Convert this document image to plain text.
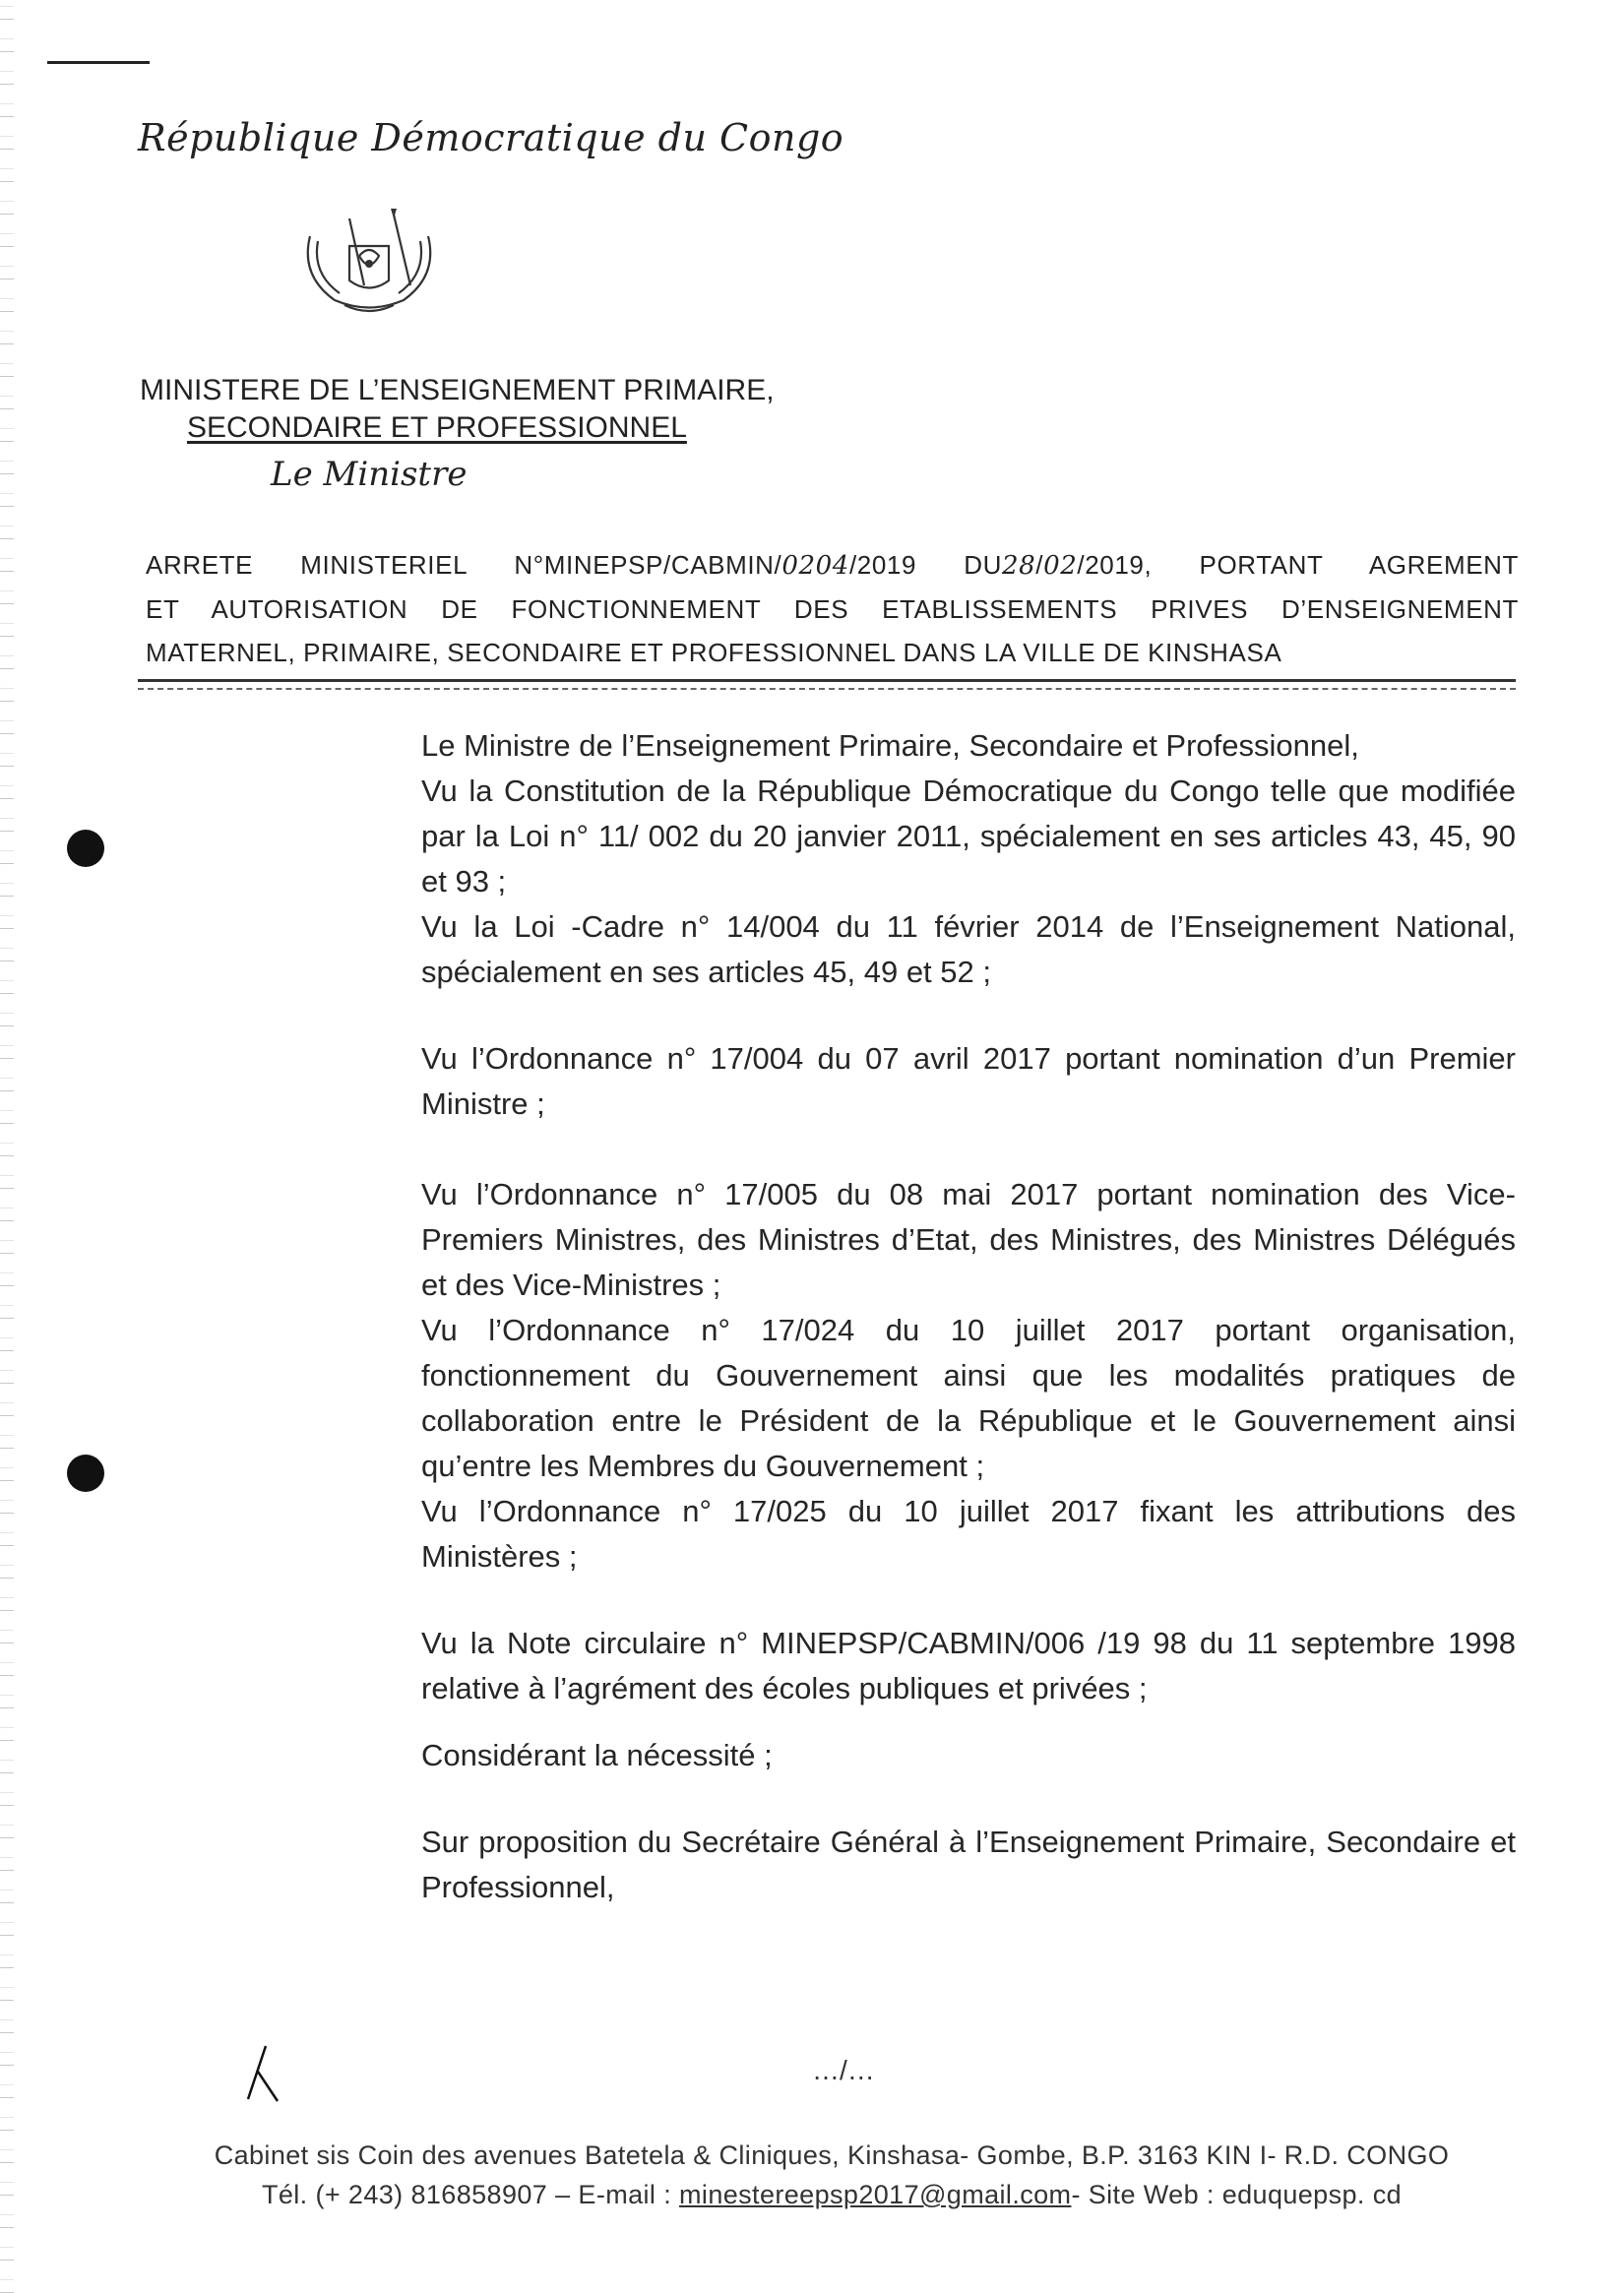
République Démocratique du Congo
MINISTERE DE L’ENSEIGNEMENT PRIMAIRE,
SECONDAIRE ET PROFESSIONNEL
Le Ministre
ARRETE MINISTERIEL N°MINEPSP/CABMIN/0204/2019 DU28/02/2019, PORTANT AGREMENT
ET AUTORISATION DE FONCTIONNEMENT DES ETABLISSEMENTS PRIVES D’ENSEIGNEMENT
MATERNEL, PRIMAIRE, SECONDAIRE ET PROFESSIONNEL DANS LA VILLE DE KINSHASA

Le Ministre de l’Enseignement Primaire, Secondaire et Professionnel,

Vu la Constitution de la République Démocratique du Congo telle que modifiée par la Loi n° 11/ 002 du 20 janvier 2011, spécialement en ses articles 43, 45, 90 et 93 ;

Vu la Loi -Cadre n° 14/004 du 11 février 2014 de l’Enseignement National, spécialement en ses articles 45, 49 et 52 ;

Vu l’Ordonnance n° 17/004 du 07 avril 2017 portant nomination d’un Premier Ministre ;

Vu l’Ordonnance n° 17/005 du 08 mai 2017 portant nomination des Vice-Premiers Ministres, des Ministres d’Etat, des Ministres, des Ministres Délégués et des Vice-Ministres ;

Vu l’Ordonnance n° 17/024 du 10 juillet 2017 portant organisation, fonctionnement du Gouvernement ainsi que les modalités pratiques de collaboration entre le Président de la République et le Gouvernement ainsi qu’entre les Membres du Gouvernement ;

Vu l’Ordonnance n° 17/025 du 10 juillet 2017 fixant les attributions des Ministères ;

Vu la Note circulaire n° MINEPSP/CABMIN/006 /19 98 du 11 septembre 1998 relative à l’agrément des écoles publiques et privées ;

Considérant la nécessité ;

Sur proposition du Secrétaire Général à l’Enseignement Primaire, Secondaire et Professionnel,

…/…
Cabinet sis Coin des avenues Batetela & Cliniques, Kinshasa- Gombe, B.P. 3163 KIN I- R.D. CONGO
Tél. (+ 243) 816858907 – E-mail : minestereepsp2017@gmail.com- Site Web : eduquepsp. cd
